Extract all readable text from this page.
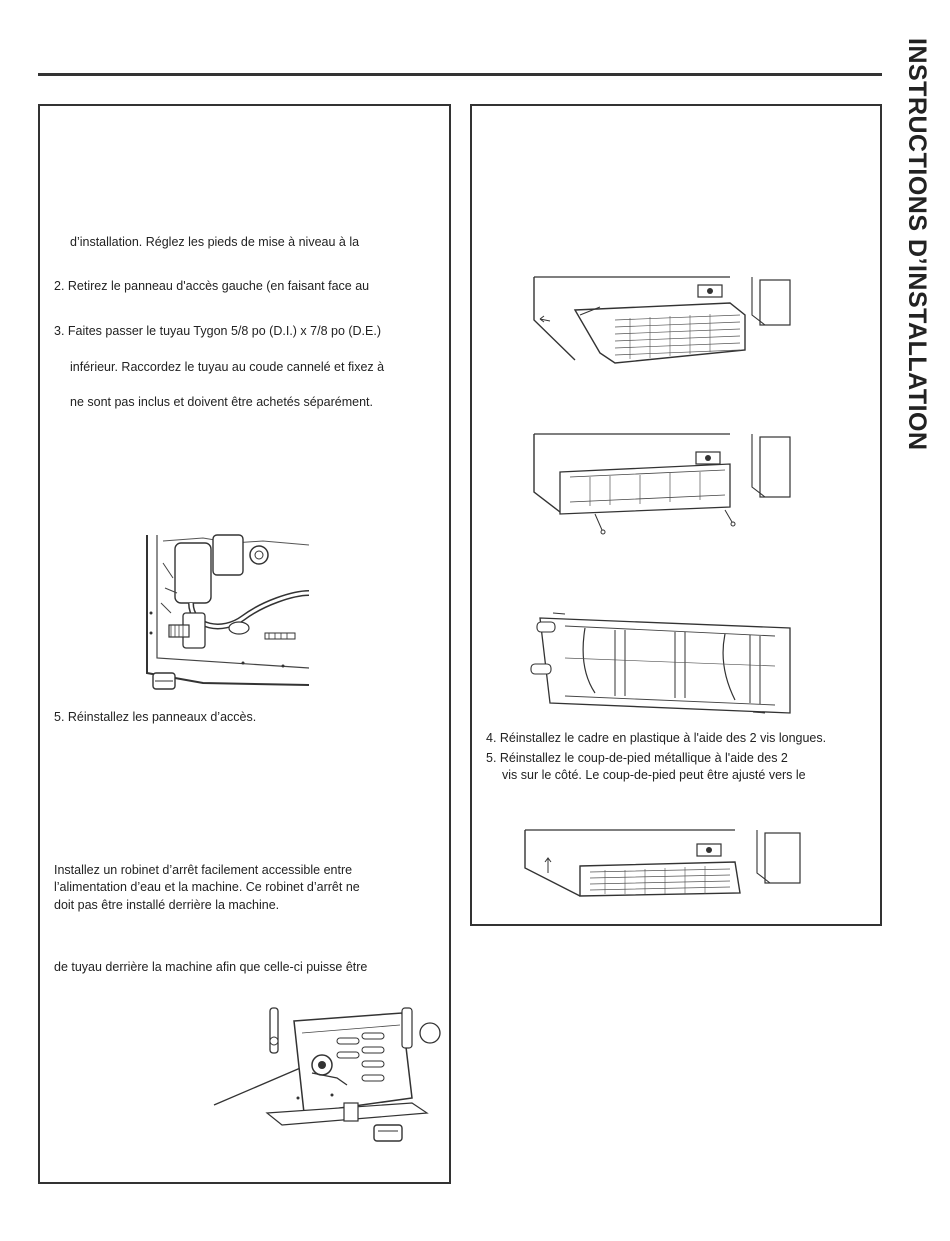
INSTRUCTIONS D’INSTALLATION
d’installation. Réglez les pieds de mise à niveau à la
2. Retirez le panneau d'accès gauche (en faisant face au
3. Faites passer le tuyau Tygon 5/8 po (D.I.) x 7/8 po (D.E.)
inférieur. Raccordez le tuyau au coude cannelé et fixez à
ne sont pas inclus et doivent être achetés séparément.
5. Réinstallez les panneaux d’accès.
Installez un robinet d’arrêt facilement accessible entre
l’alimentation d’eau et la machine. Ce robinet d’arrêt ne
doit pas être installé derrière la machine.
de tuyau derrière la machine afin que celle-ci puisse être
4. Réinstallez le cadre en plastique à l'aide des 2 vis longues.
5. Réinstallez le coup-de-pied métallique à l'aide des 2
vis sur le côté. Le coup-de-pied peut être ajusté vers le
